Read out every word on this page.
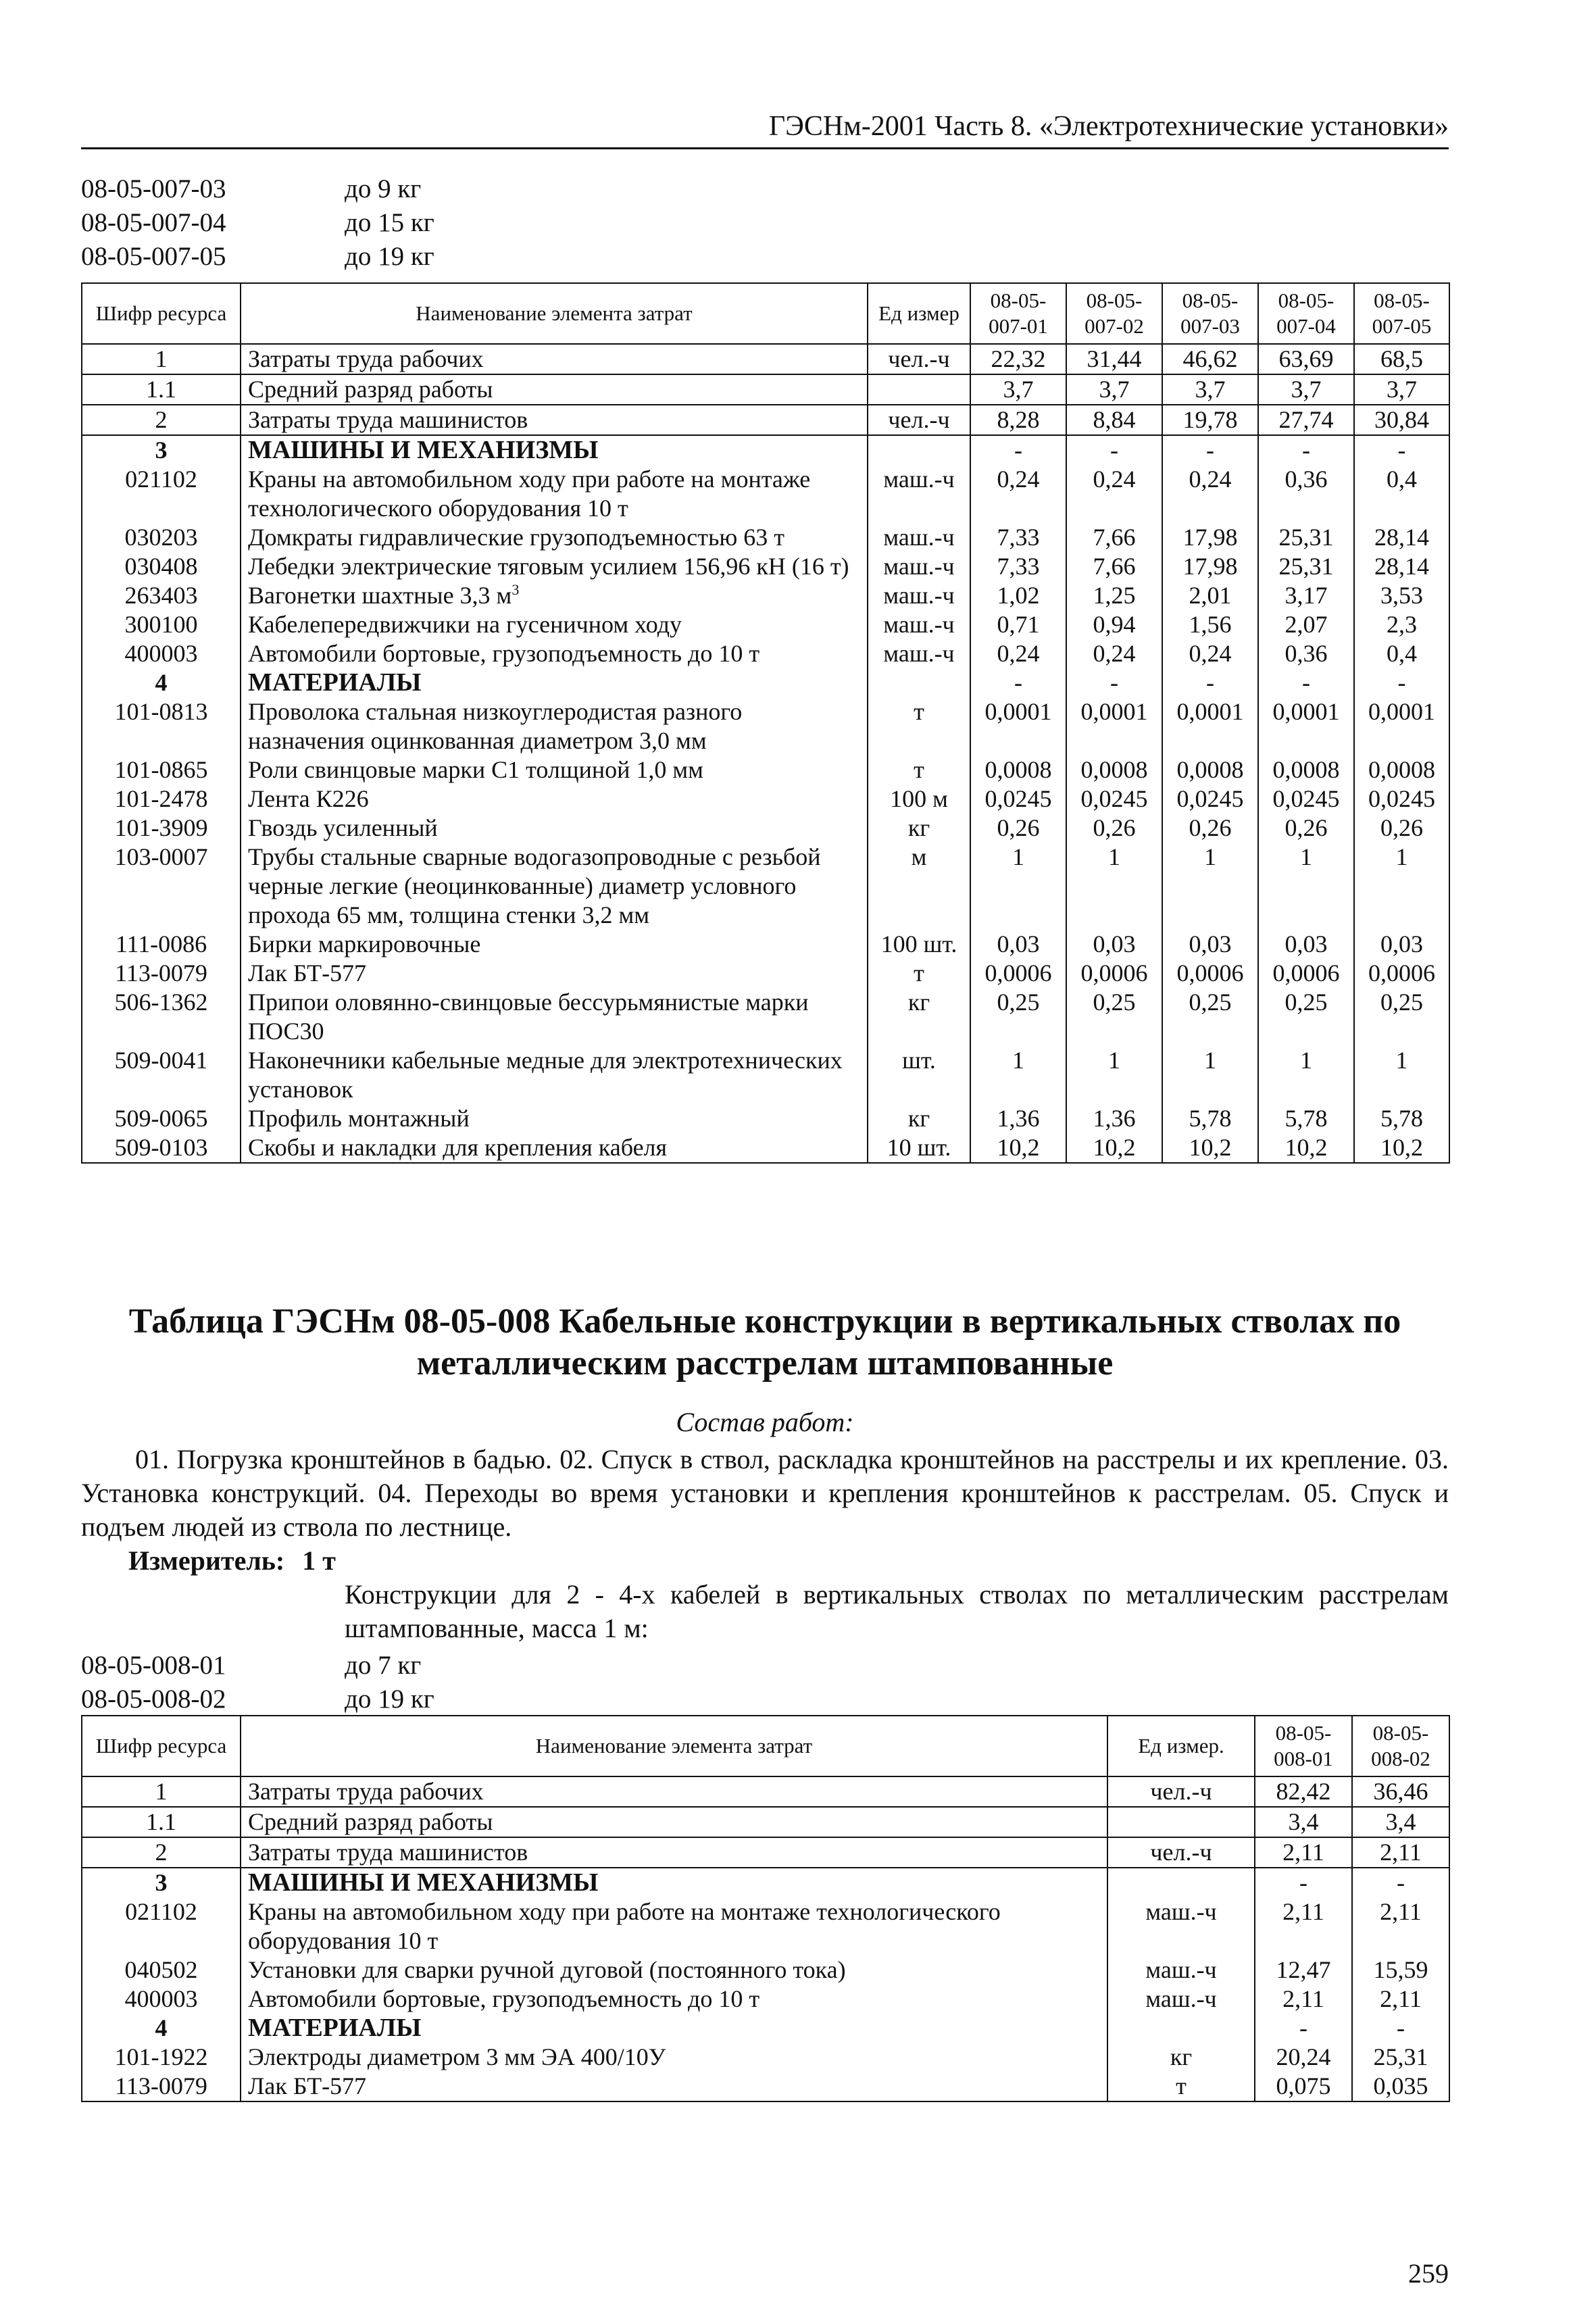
ГЭСНм-2001 Часть 8. «Электротехнические установки»
08-05-007-03	до 9 кг
08-05-007-04	до 15 кг
08-05-007-05	до 19 кг
Шифр ресурса	Наименование элемента затрат	Ед измер	08-05-007-01	08-05-007-02	08-05-007-03	08-05-007-04	08-05-007-05
1	Затраты труда рабочих	чел.-ч	22,32	31,44	46,62	63,69	68,5
1.1	Средний разряд работы		3,7	3,7	3,7	3,7	3,7
2	Затраты труда машинистов	чел.-ч	8,28	8,84	19,78	27,74	30,84
3	МАШИНЫ И МЕХАНИЗМЫ		-	-	-	-	-
021102	Краны на автомобильном ходу при работе на монтаже технологического оборудования 10 т	маш.-ч	0,24	0,24	0,24	0,36	0,4
030203	Домкраты гидравлические грузоподъемностью 63 т	маш.-ч	7,33	7,66	17,98	25,31	28,14
030408	Лебедки электрические тяговым усилием 156,96 кН (16 т)	маш.-ч	7,33	7,66	17,98	25,31	28,14
263403	Вагонетки шахтные 3,3 $м^3$	маш.-ч	1,02	1,25	2,01	3,17	3,53
300100	Кабелепередвижчики на гусеничном ходу	маш.-ч	0,71	0,94	1,56	2,07	2,3
400003	Автомобили бортовые, грузоподъемность до 10 т	маш.-ч	0,24	0,24	0,24	0,36	0,4
4	МАТЕРИАЛЫ		-	-	-	-	-
101-0813	Проволока стальная низкоуглеродистая разного назначения оцинкованная диаметром 3,0 мм	т	0,0001	0,0001	0,0001	0,0001	0,0001
101-0865	Роли свинцовые марки С1 толщиной 1,0 мм	т	0,0008	0,0008	0,0008	0,0008	0,0008
101-2478	Лента К226	100 м	0,0245	0,0245	0,0245	0,0245	0,0245
101-3909	Гвоздь усиленный	кг	0,26	0,26	0,26	0,26	0,26
103-0007	Трубы стальные сварные водогазопроводные с резьбой черные легкие (неоцинкованные) диаметр условного прохода 65 мм, толщина стенки 3,2 мм	м	1	1	1	1	1
111-0086	Бирки маркировочные	100 шт.	0,03	0,03	0,03	0,03	0,03
113-0079	Лак БТ-577	т	0,0006	0,0006	0,0006	0,0006	0,0006
506-1362	Припои оловянно-свинцовые бессурьмянистые марки ПОС30	кг	0,25	0,25	0,25	0,25	0,25
509-0041	Наконечники кабельные медные для электротехнических установок	шт.	1	1	1	1	1
509-0065	Профиль монтажный	кг	1,36	1,36	5,78	5,78	5,78
509-0103	Скобы и накладки для крепления кабеля	10 шт.	10,2	10,2	10,2	10,2	10,2
Таблица ГЭСНм 08-05-008 Кабельные конструкции в вертикальных стволах по металлическим расстрелам штампованные
Состав работ:
01. Погрузка кронштейнов в бадью. 02. Спуск в ствол, раскладка кронштейнов на расстрелы и их крепление. 03. Установка конструкций. 04. Переходы во время установки и крепления кронштейнов к расстрелам. 05. Спуск и подъем людей из ствола по лестнице.
Измеритель: 1 т
Конструкции для 2 - 4-х кабелей в вертикальных стволах по металлическим расстрелам штампованные, масса 1 м:
08-05-008-01	до 7 кг
08-05-008-02	до 19 кг
Шифр ресурса	Наименование элемента затрат	Ед измер.	08-05-008-01	08-05-008-02
1	Затраты труда рабочих	чел.-ч	82,42	36,46
1.1	Средний разряд работы		3,4	3,4
2	Затраты труда машинистов	чел.-ч	2,11	2,11
3	МАШИНЫ И МЕХАНИЗМЫ		-	-
021102	Краны на автомобильном ходу при работе на монтаже технологического оборудования 10 т	маш.-ч	2,11	2,11
040502	Установки для сварки ручной дуговой (постоянного тока)	маш.-ч	12,47	15,59
400003	Автомобили бортовые, грузоподъемность до 10 т	маш.-ч	2,11	2,11
4	МАТЕРИАЛЫ		-	-
101-1922	Электроды диаметром 3 мм ЭА 400/10У	кг	20,24	25,31
113-0079	Лак БТ-577	т	0,075	0,035
259
